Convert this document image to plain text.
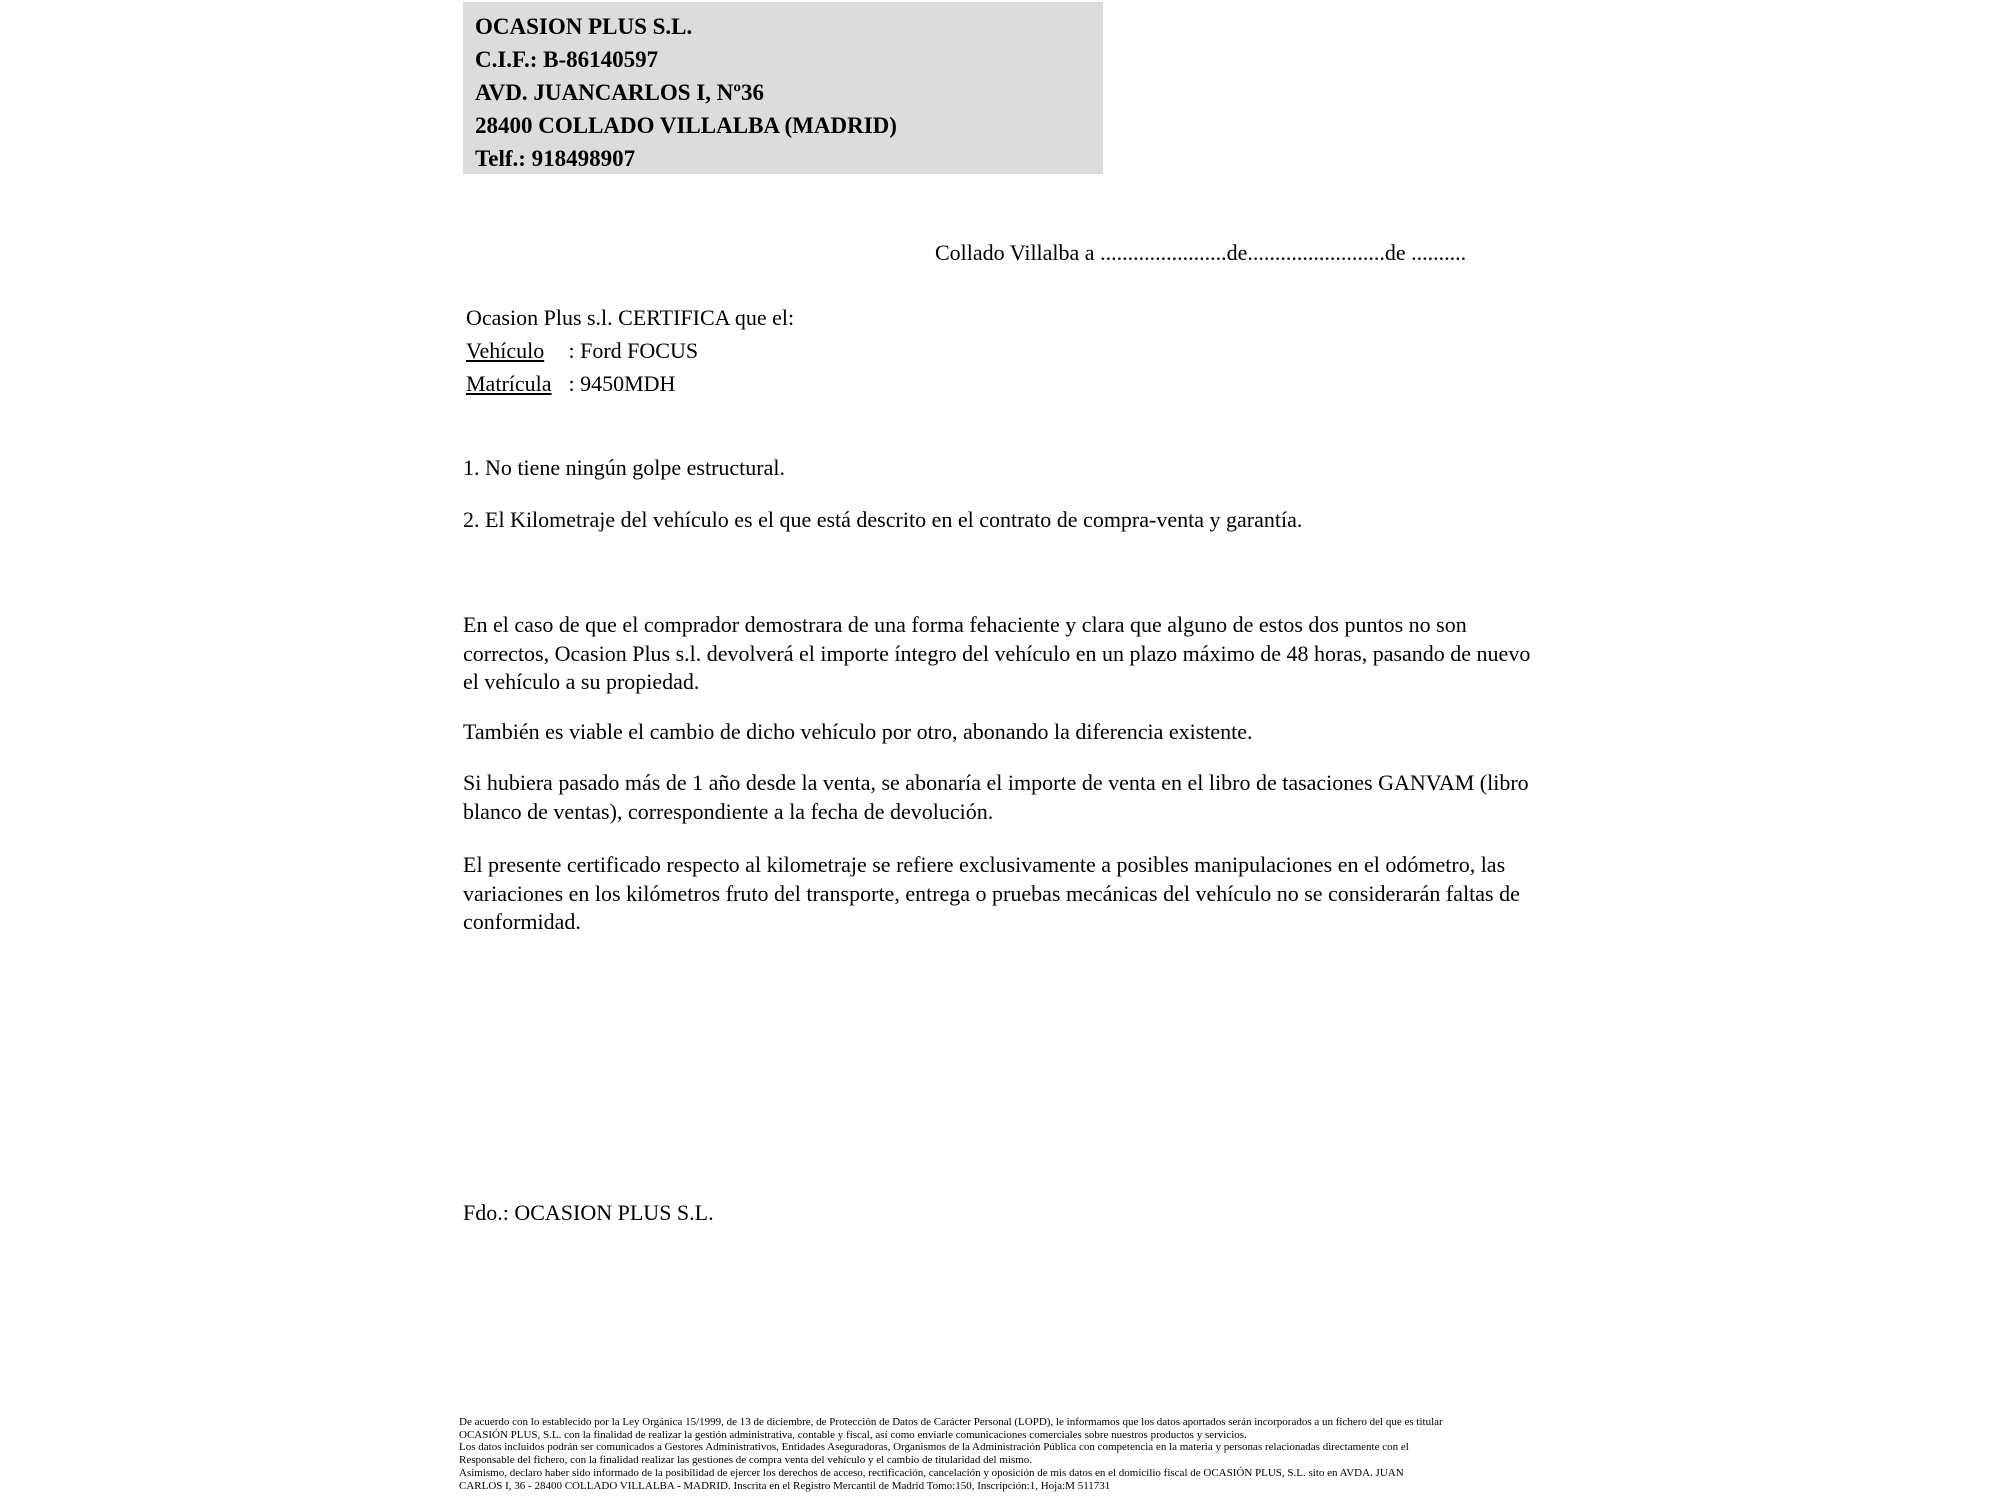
OCASION PLUS S.L.
C.I.F.: B-86140597
AVD. JUANCARLOS I, Nº36
28400 COLLADO VILLALBA (MADRID)
Telf.: 918498907
Collado Villalba a .......................de.........................de ..........
Ocasion Plus s.l. CERTIFICA que el:
Vehículo : Ford FOCUS
Matrícula : 9450MDH
1. No tiene ningún golpe estructural.
2. El Kilometraje del vehículo es el que está descrito en el contrato de compra-venta y garantía.
En el caso de que el comprador demostrara de una forma fehaciente y clara que alguno de estos dos puntos no son correctos, Ocasion Plus s.l. devolverá el importe íntegro del vehículo en un plazo máximo de 48 horas, pasando de nuevo el vehículo a su propiedad.
También es viable el cambio de dicho vehículo por otro, abonando la diferencia existente.
Si hubiera pasado más de 1 año desde la venta, se abonaría el importe de venta en el libro de tasaciones GANVAM (libro blanco de ventas), correspondiente a la fecha de devolución.
El presente certificado respecto al kilometraje se refiere exclusivamente a posibles manipulaciones en el odómetro, las variaciones en los kilómetros fruto del transporte, entrega o pruebas mecánicas del vehículo no se considerarán faltas de conformidad.
Fdo.: OCASION PLUS S.L.
De acuerdo con lo establecido por la Ley Orgánica 15/1999, de 13 de diciembre, de Protección de Datos de Carácter Personal (LOPD), le informamos que los datos aportados serán incorporados a un fichero del que es titular
OCASIÓN PLUS, S.L. con la finalidad de realizar la gestión administrativa, contable y fiscal, así como enviarle comunicaciones comerciales sobre nuestros productos y servicios.
Los datos incluidos podrán ser comunicados a Gestores Administrativos, Entidades Aseguradoras, Organismos de la Administración Pública con competencia en la materia y personas relacionadas directamente con el
Responsable del fichero, con la finalidad realizar las gestiones de compra venta del vehículo y el cambio de titularidad del mismo.
Asimismo, declaro haber sido informado de la posibilidad de ejercer los derechos de acceso, rectificación, cancelación y oposición de mis datos en el domicilio fiscal de OCASIÓN PLUS, S.L. sito en AVDA. JUAN
CARLOS I, 36 - 28400 COLLADO VILLALBA - MADRID. Inscrita en el Registro Mercantil de Madrid Tomo:150, Inscripción:1, Hoja:M 511731
